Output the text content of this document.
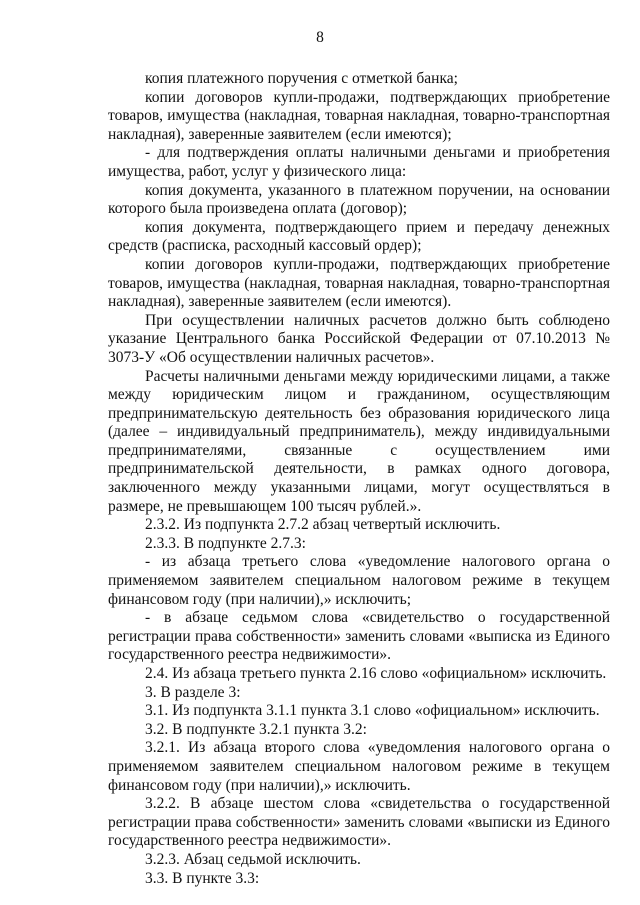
8

копия платежного поручения с отметкой банка;

копии договоров купли-продажи, подтверждающих приобретение товаров, имущества (накладная, товарная накладная, товарно-транспортная накладная), заверенные заявителем (если имеются);

- для подтверждения оплаты наличными деньгами и приобретения имущества, работ, услуг у физического лица:

копия документа, указанного в платежном поручении, на основании которого была произведена оплата (договор);

копия документа, подтверждающего прием и передачу денежных средств (расписка, расходный кассовый ордер);

копии договоров купли-продажи, подтверждающих приобретение товаров, имущества (накладная, товарная накладная, товарно-транспортная накладная), заверенные заявителем (если имеются).

При осуществлении наличных расчетов должно быть соблюдено указание Центрального банка Российской Федерации от 07.10.2013 № 3073-У «Об осуществлении наличных расчетов».

Расчеты наличными деньгами между юридическими лицами, а также между юридическим лицом и гражданином, осуществляющим предпринимательскую деятельность без образования юридического лица (далее – индивидуальный предприниматель), между индивидуальными предпринимателями, связанные с осуществлением ими предпринимательской деятельности, в рамках одного договора, заключенного между указанными лицами, могут осуществляться в размере, не превышающем 100 тысяч рублей.».

2.3.2. Из подпункта 2.7.2 абзац четвертый исключить.

2.3.3. В подпункте 2.7.3:

- из абзаца третьего слова «уведомление налогового органа о применяемом заявителем специальном налоговом режиме в текущем финансовом году (при наличии),» исключить;

- в абзаце седьмом слова «свидетельство о государственной регистрации права собственности» заменить словами «выписка из Единого государственного реестра недвижимости».

2.4. Из абзаца третьего пункта 2.16 слово «официальном» исключить.

3. В разделе 3:

3.1. Из подпункта 3.1.1 пункта 3.1 слово «официальном» исключить.

3.2. В подпункте 3.2.1 пункта 3.2:

3.2.1. Из абзаца второго слова «уведомления налогового органа о применяемом заявителем специальном налоговом режиме в текущем финансовом году (при наличии),» исключить.

3.2.2. В абзаце шестом слова «свидетельства о государственной регистрации права собственности» заменить словами «выписки из Единого государственного реестра недвижимости».

3.2.3. Абзац седьмой исключить.

3.3. В пункте 3.3:
